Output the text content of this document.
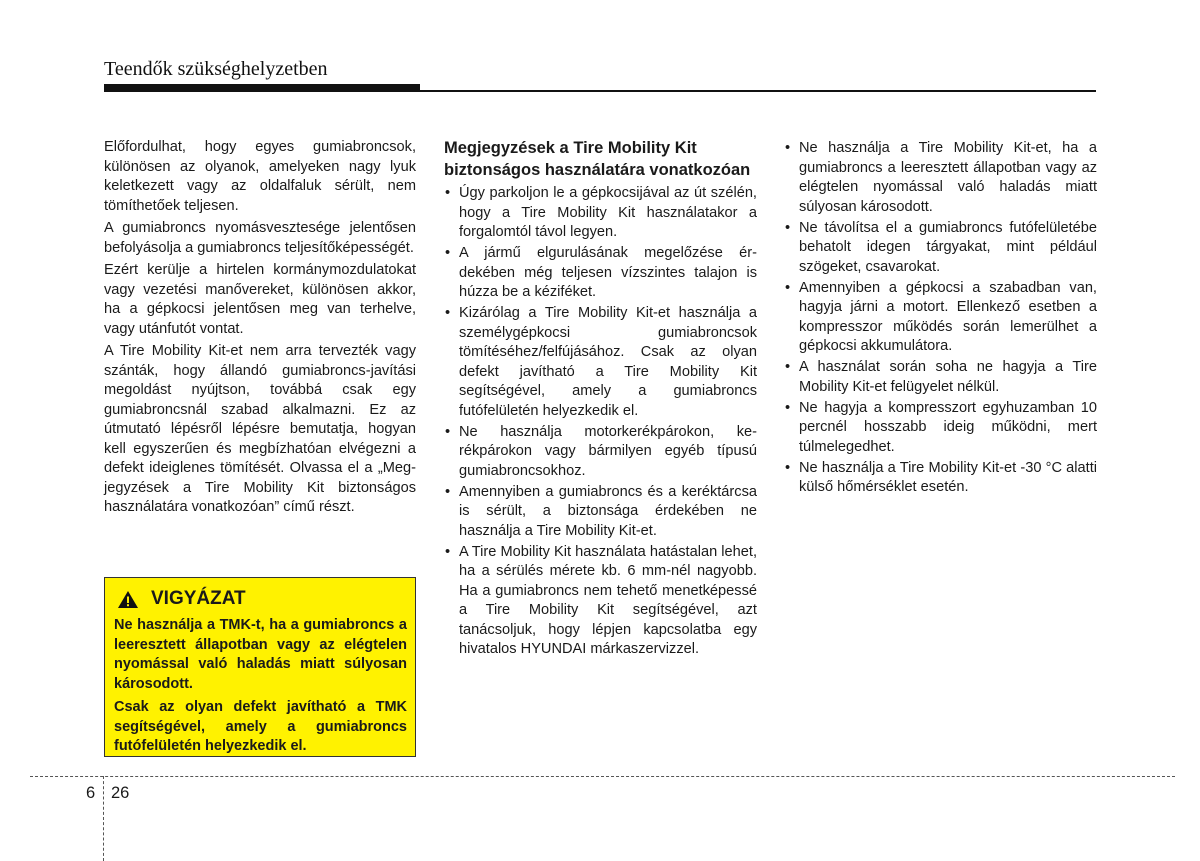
Teendők szükséghelyzetben

Előfordulhat, hogy egyes gumiabroncsok, különösen az olyanok, amelyeken nagy lyuk keletkezett vagy az oldalfaluk sérült, nem tömíthetőek teljesen.

A gumiabroncs nyomásvesztesége jelentősen befolyásolja a gumiabroncs teljesítőképességét.

Ezért kerülje a hirtelen kormánymozdulatokat vagy vezetési manővereket, különösen akkor, ha a gépkocsi jelentősen meg van terhelve, vagy utánfutót vontat.

A Tire Mobility Kit-et nem arra tervezték vagy szánták, hogy állandó gumiabroncs-javítási megoldást nyújtson, továbbá csak egy gumiabroncsnál szabad alkalmazni. Ez az útmutató lépésről lépésre bemutatja, hogyan kell egyszerűen és megbízhatóan elvégezni a defekt ideiglenes tömítését. Olvassa el a „Megjegyzések a Tire Mobility Kit biztonságos használatára vonatkozóan” című részt.

VIGYÁZAT

Ne használja a TMK-t, ha a gumiabroncs a leeresztett állapotban vagy az elégtelen nyomással való haladás miatt súlyosan károsodott.

Csak az olyan defekt javítható a TMK segítségével, amely a gumiabroncs futófelületén helyezkedik el.

Megjegyzések a Tire Mobility Kit biztonságos használatára vonatkozóan
• Úgy parkoljon le a gépkocsijával az út szélén, hogy a Tire Mobility Kit használatakor a forgalomtól távol legyen.
• A jármű elgurulásának megelőzése érdekében még teljesen vízszintes talajon is húzza be a kéziféket.
• Kizárólag a Tire Mobility Kit-et használja a személygépkocsi gumiabroncsok tömítéséhez/felfújásához. Csak az olyan defekt javítható a Tire Mobility Kit segítségével, amely a gumiabroncs futófelületén helyezkedik el.
• Ne használja motorkerékpárokon, kerékpárokon vagy bármilyen egyéb típusú gumiabroncsokhoz.
• Amennyiben a gumiabroncs és a keréktárcsa is sérült, a biztonsága érdekében ne használja a Tire Mobility Kit-et.
• A Tire Mobility Kit használata hatástalan lehet, ha a sérülés mérete kb. 6 mm-nél nagyobb. Ha a gumiabroncs nem tehető menetképessé a Tire Mobility Kit segítségével, azt tanácsoljuk, hogy lépjen kapcsolatba egy hivatalos HYUNDAI márkaszervizzel.
• Ne használja a Tire Mobility Kit-et, ha a gumiabroncs a leeresztett állapotban vagy az elégtelen nyomással való haladás miatt súlyosan károsodott.
• Ne távolítsa el a gumiabroncs futófelületébe behatolt idegen tárgyakat, mint például szögeket, csavarokat.
• Amennyiben a gépkocsi a szabadban van, hagyja járni a motort. Ellenkező esetben a kompresszor működés során lemerülhet a gépkocsi akkumulátora.
• A használat során soha ne hagyja a Tire Mobility Kit-et felügyelet nélkül.
• Ne hagyja a kompresszort egyhuzamban 10 percnél hosszabb ideig működni, mert túlmelegedhet.
• Ne használja a Tire Mobility Kit-et -30 °C alatti külső hőmérséklet esetén.
6 26
